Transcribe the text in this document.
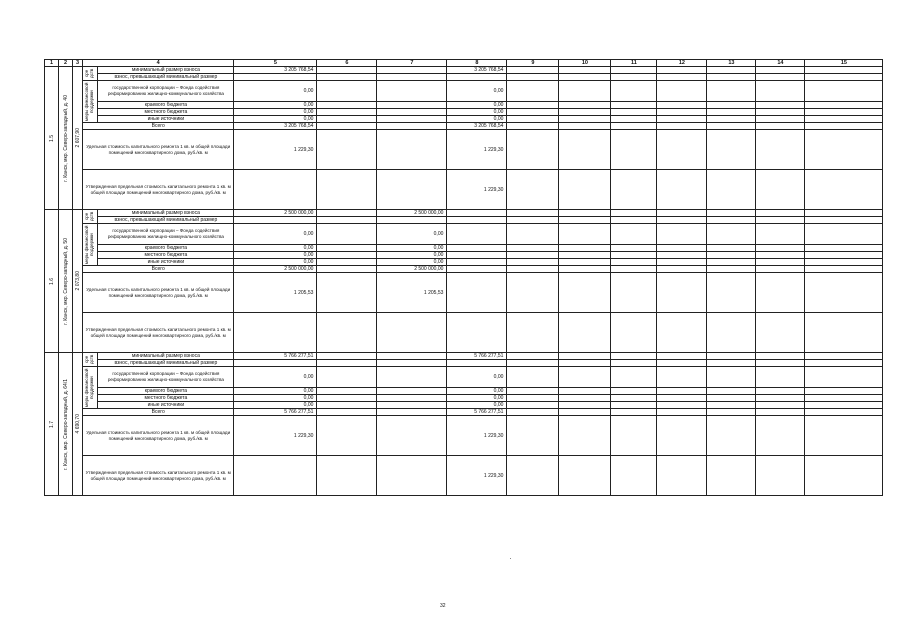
1	2	3	4		5	6	7	8	9	10	11	12	13	14	15

1.5	г. Канск, мкр. Северо-западный, д. 40	2 607,90	сре дств	минимальный размер взноса	3 205 768,54			3 205 768,54							
				взнос, превышающий минимальный размер											

			меры финансовой поддержки	государственной корпорации – Фонда содействия реформированию жилищно-коммунального хозяйства	0,00			0,00							
				краевого бюджета	0,00			0,00							
				местного бюджета	0,00			0,00							
				иные источники	0,00			0,00							
			Всего		3 205 768,54			3 205 768,54							
			Удельная стоимость капитального ремонта 1 кв. м общей площади помещений многоквартирного дома, руб./кв. м		1 229,30			1 229,30							
			Утвержденная предельная стоимость капитального ремонта 1 кв. м общей площади помещений многоквартирного дома, руб./кв. м					1 229,30							

1.6	г. Канск, мкр. Северо-западный, д. 50	2 073,80	сре дств	минимальный размер взноса	2 500 000,00		2 500 000,00								
				взнос, превышающий минимальный размер											

			меры финансовой поддержки	государственной корпорации – Фонда содействия реформированию жилищно-коммунального хозяйства	0,00		0,00								
				краевого бюджета	0,00		0,00								
				местного бюджета	0,00		0,00								
				иные источники	0,00		0,00								
			Всего		2 500 000,00		2 500 000,00								
			Удельная стоимость капитального ремонта 1 кв. м общей площади помещений многоквартирного дома, руб./кв. м		1 205,53		1 205,53								
			Утвержденная предельная стоимость капитального ремонта 1 кв. м общей площади помещений многоквартирного дома, руб./кв. м												

1.7	г. Канск, мкр. Северо-западный, д. 64/1	4 690,70	сре дств	минимальный размер взноса	5 766 277,51			5 766 277,51							
				взнос, превышающий минимальный размер											

			меры финансовой поддержки	государственной корпорации – Фонда содействия реформированию жилищно-коммунального хозяйства	0,00			0,00							
				краевого бюджета	0,00			0,00							
				местного бюджета	0,00			0,00							
				иные источники	0,00			0,00							
			Всего		5 766 277,51			5 766 277,51							
			Удельная стоимость капитального ремонта 1 кв. м общей площади помещений многоквартирного дома, руб./кв. м		1 229,30			1 229,30							
			Утвержденная предельная стоимость капитального ремонта 1 кв. м общей площади помещений многоквартирного дома, руб./кв. м					1 229,30							
32
